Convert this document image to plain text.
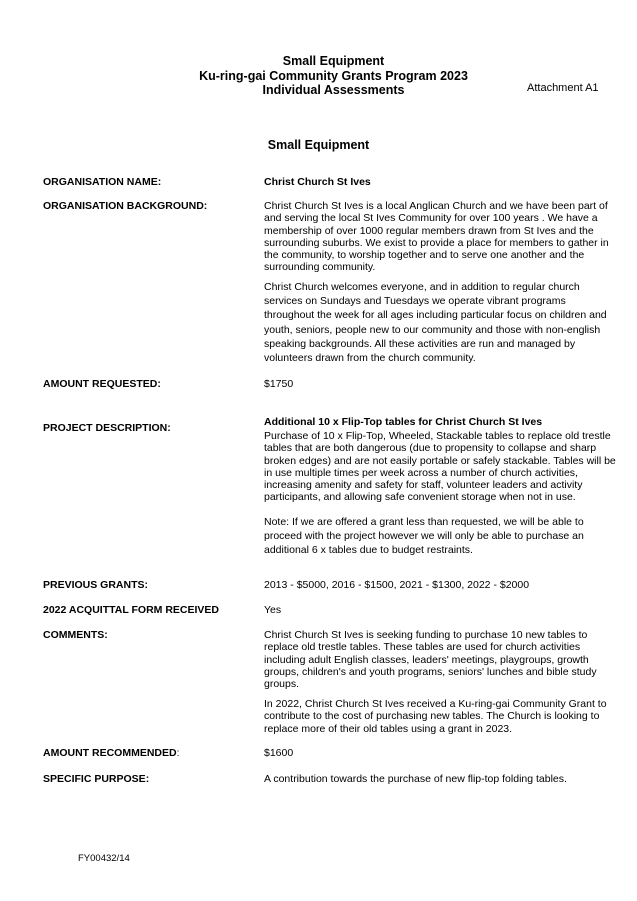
Small Equipment
Ku-ring-gai Community Grants Program 2023
Individual Assessments	Attachment A1
Small Equipment
ORGANISATION NAME:	Christ Church St Ives
ORGANISATION BACKGROUND:	Christ Church St Ives is a local Anglican Church and we have been part of and serving the local St Ives Community for over 100 years . We have a membership of over 1000 regular members drawn from St Ives and the surrounding suburbs. We exist to provide a place for members to gather in the community, to worship together and to serve one another and the surrounding community.
Christ Church welcomes everyone, and in addition to regular church services on Sundays and Tuesdays we operate vibrant programs throughout the week for all ages including particular focus on children and youth, seniors, people new to our community and those with non-english speaking backgrounds. All these activities are run and managed by volunteers drawn from the church community.
AMOUNT REQUESTED:	$1750
PROJECT DESCRIPTION:	Additional 10 x Flip-Top tables for Christ Church St Ives
Purchase of 10 x Flip-Top, Wheeled, Stackable tables to replace old trestle tables that are both dangerous (due to propensity to collapse and sharp broken edges) and are not easily portable or safely stackable. Tables will be in use multiple times per week across a number of church activities, increasing amenity and safety for staff, volunteer leaders and activity participants, and allowing safe convenient storage when not in use.
Note: If we are offered a grant less than requested, we will be able to proceed with the project however we will only be able to purchase an additional 6 x tables due to budget restraints.
PREVIOUS GRANTS:	2013 - $5000, 2016 - $1500, 2021 - $1300, 2022 - $2000
2022 ACQUITTAL FORM RECEIVED	Yes
COMMENTS:	Christ Church St Ives is seeking funding to purchase 10 new tables to replace old trestle tables. These tables are used for church activities including adult English classes, leaders' meetings, playgroups, growth groups, children's and youth programs, seniors' lunches and bible study groups.
In 2022, Christ Church St Ives received a Ku-ring-gai Community Grant to contribute to the cost of purchasing new tables. The Church is looking to replace more of their old tables using a grant in 2023.
AMOUNT RECOMMENDED:	$1600
SPECIFIC PURPOSE:	A contribution towards the purchase of new flip-top folding tables.
FY00432/14
